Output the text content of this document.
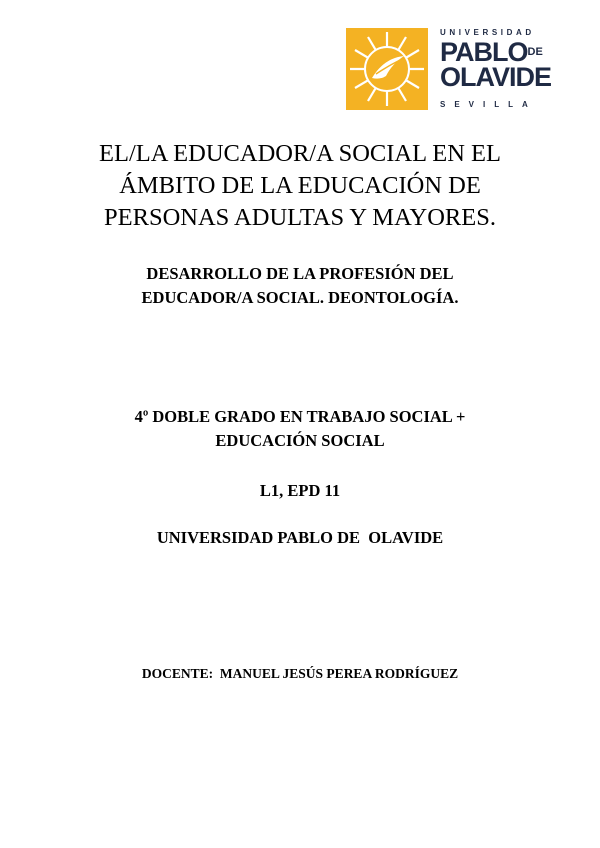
UNIVERSIDAD
$PABLO^{DE}$
OLAVIDE
SEVILLA
EL/LA EDUCADOR/A SOCIAL EN EL
ÁMBITO DE LA EDUCACIÓN DE
PERSONAS ADULTAS Y MAYORES.
DESARROLLO DE LA PROFESIÓN DEL
EDUCADOR/A SOCIAL. DEONTOLOGÍA.
4º DOBLE GRADO EN TRABAJO SOCIAL +
EDUCACIÓN SOCIAL
L1, EPD 11
UNIVERSIDAD PABLO DE  OLAVIDE
DOCENTE:  MANUEL JESÚS PEREA RODRÍGUEZ
